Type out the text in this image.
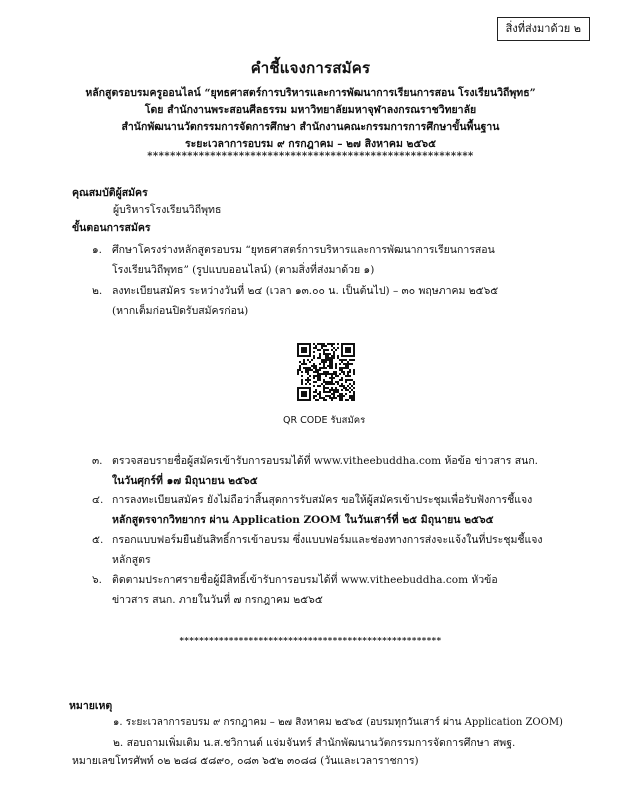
สิ่งที่ส่งมาด้วย ๒
คำชี้แจงการสมัคร
หลักสูตรอบรมครูออนไลน์ “ยุทธศาสตร์การบริหารและการพัฒนาการเรียนการสอน โรงเรียนวิถีพุทธ”
โดย สำนักงานพระสอนศีลธรรม มหาวิทยาลัยมหาจุฬาลงกรณราชวิทยาลัย
สำนักพัฒนานวัตกรรมการจัดการศึกษา สำนักงานคณะกรรมการการศึกษาขั้นพื้นฐาน
ระยะเวลาการอบรม ๙ กรกฎาคม – ๒๗ สิงหาคม ๒๕๖๕
*********************************************************
คุณสมบัติผู้สมัคร
ผู้บริหารโรงเรียนวิถีพุทธ
ขั้นตอนการสมัคร
๑. ศึกษาโครงร่างหลักสูตรอบรม “ยุทธศาสตร์การบริหารและการพัฒนาการเรียนการสอน
โรงเรียนวิถีพุทธ” (รูปแบบออนไลน์) (ตามสิ่งที่ส่งมาด้วย ๑)
๒. ลงทะเบียนสมัคร ระหว่างวันที่ ๒๔ (เวลา ๑๓.๐๐ น. เป็นต้นไป) – ๓๐ พฤษภาคม ๒๕๖๕
(หากเต็มก่อนปิดรับสมัครก่อน)
QR CODE รับสมัคร
๓. ตรวจสอบรายชื่อผู้สมัครเข้ารับการอบรมได้ที่ www.vitheebuddha.com ห้อข้อ ข่าวสาร สนก.
ในวันศุกร์ที่ ๑๗ มิถุนายน ๒๕๖๕
๔. การลงทะเบียนสมัคร ยังไม่ถือว่าสิ้นสุดการรับสมัคร ขอให้ผู้สมัครเข้าประชุมเพื่อรับฟังการชี้แจง
หลักสูตรจากวิทยากร ผ่าน Application ZOOM ในวันเสาร์ที่ ๒๕ มิถุนายน ๒๕๖๕
๕. กรอกแบบฟอร์มยืนยันสิทธิ์การเข้าอบรม ซึ่งแบบฟอร์มและช่องทางการส่งจะแจ้งในที่ประชุมชี้แจง
หลักสูตร
๖. ติดตามประกาศรายชื่อผู้มีสิทธิ์เข้ารับการอบรมได้ที่ www.vitheebuddha.com หัวข้อ
ข่าวสาร สนก. ภายในวันที่ ๗ กรกฎาคม ๒๕๖๕
*****************************************************
หมายเหตุ
๑. ระยะเวลาการอบรม ๙ กรกฎาคม – ๒๗ สิงหาคม ๒๕๖๕ (อบรมทุกวันเสาร์ ผ่าน Application ZOOM)
๒. สอบถามเพิ่มเติม น.ส.ชวิกานต์ แจ่มจันทร์ สำนักพัฒนานวัตกรรมการจัดการศึกษา สพฐ.
หมายเลขโทรศัพท์ ๐๒ ๒๘๘ ๕๘๙๐, ๐๘๓ ๖๕๒ ๓๐๘๘ (วันและเวลาราชการ)
